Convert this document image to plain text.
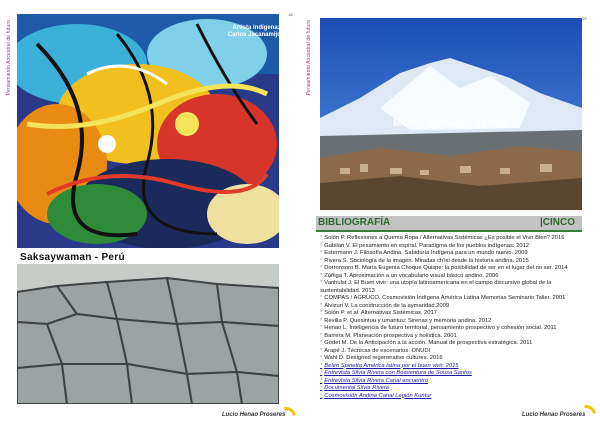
Pensamiento Ancestral de futuro
18
Artista indígena:
Carlos Jacanamijoy
Saksaywaman - Perú
Lucio Henao Proseres
Pensamiento Ancestral de futuro
19
Monte Illimani - Bolivia
BIBLIOGRAFÍA	|CINCO
* Solón P. Reflexiones a Quema Ropa / Alternativas Sistémicas ¿Es posible el Vivir Bien? 2016
* Gabilan V. El pesamiento en espiral. Paradigma de los pueblos indígenas. 2012
* Estermann J. Filosofía Andina. Sabiduría Indígena para un mundo nuevo. 2009
* Rivera S. Sociología de la imagen. Miradas ch'ixi desde la historia andina. 2015
* Dorronsoro B. María Eugenia Choque Quispe: la posibilidad de ser en el lugar del no ser. 2014
* Zúñiga T. Aproximación a un vocabulario visual básico andino. 2006
* Vanhulst J. El Buen vivir: una utopía latinoamericana en el campo discursivo global de la sustentabilidad. 2013
* COMPAS / AGRUCO. Cosmovisión Indígena América Latina Memorias Seminario Taller. 2001
* Alvizuri V. La construcción de la aymaridad.2009
* Solón P. et al. Alternativas Sistémicas. 2017
* Revilla P. Quesintuu y umantuu: Sirenas y memoria andina. 2012
* Henao L. Inteligencia de futuro territorial, pensamiento prospectivo y cohesión social. 2011
* Barrera M. Planeación prospectiva y holística. 2001
* Godet M. De la Anticipación a la acción. Manual de prospectiva estratégica. 2011
* Arapé J. Técnicas de escenarios. ONUDI
* Wahl D. Designed regenerative cultures. 2016
* Belen Spinetta América latina por el buen vivir. 2015
* Entrevista Silvia Rivera con Boaventura de Sousa Santos
* Entrevista Silvia Rivera Canal encuentro
* Documental Silvia Rivera
* Cosmovisión Andina Canal Legión Kuntur
Lucio Henao Proseres
